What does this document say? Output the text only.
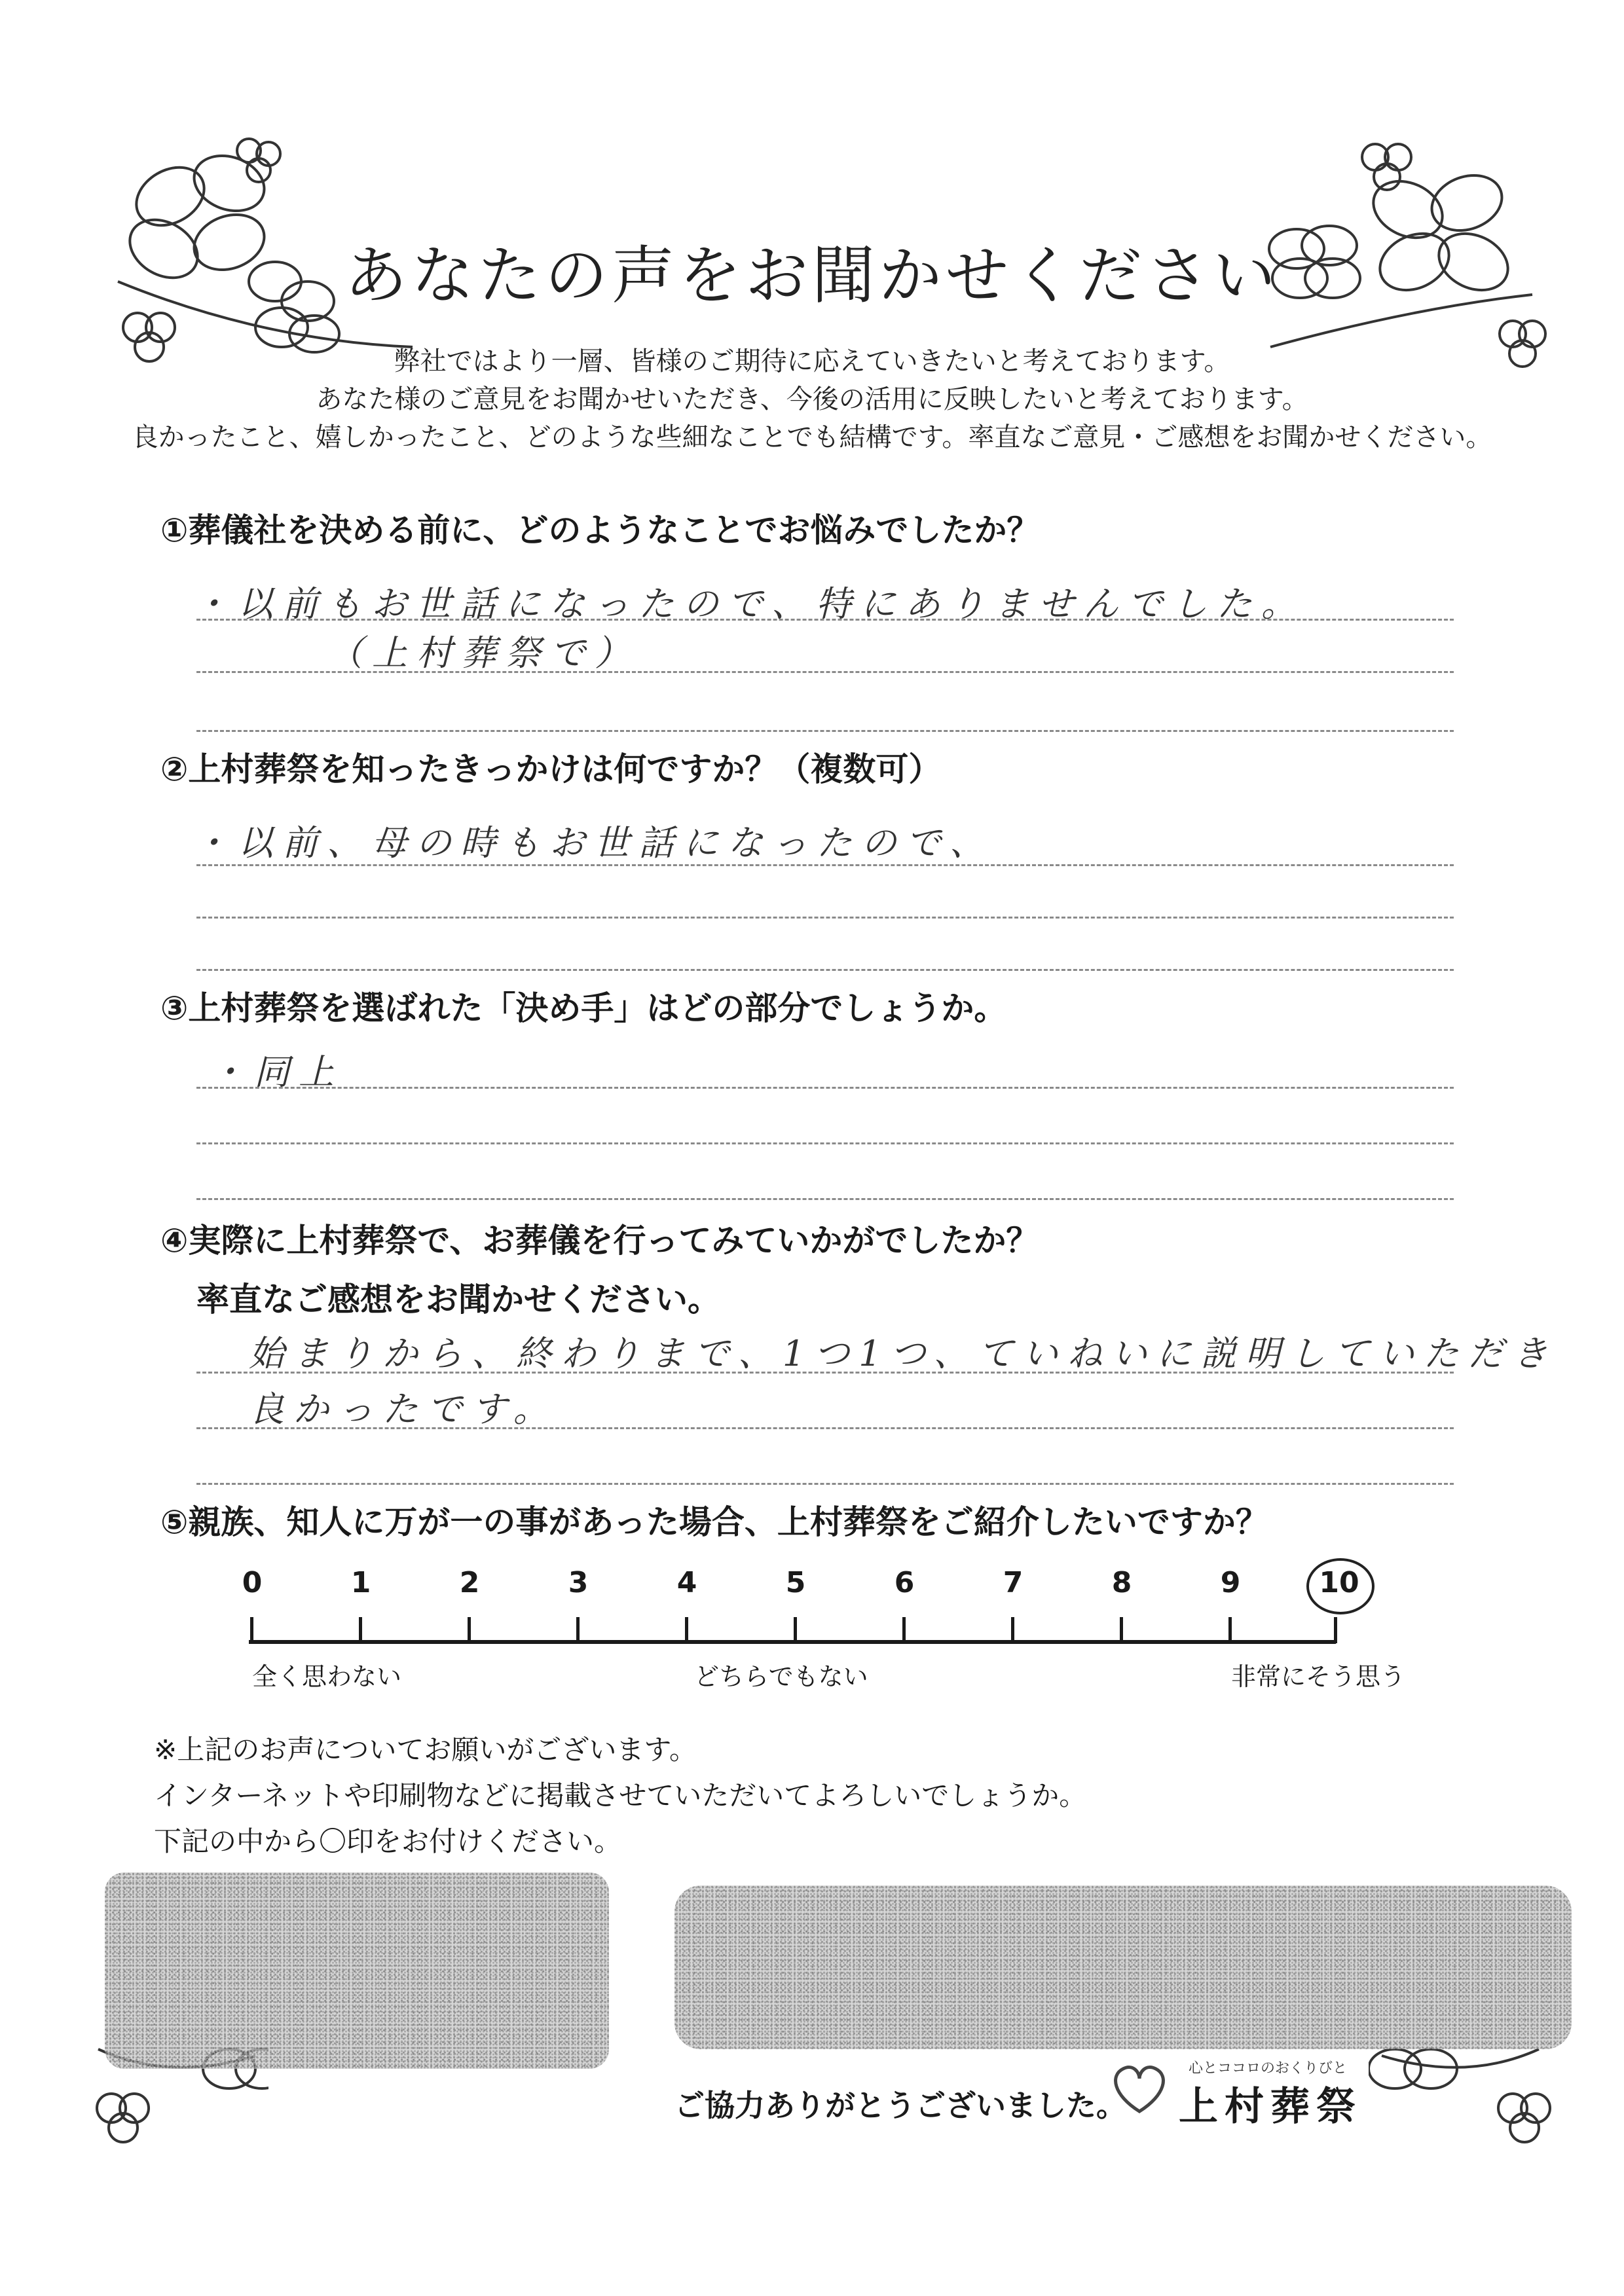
あなたの声をお聞かせください
弊社ではより一層、皆様のご期待に応えていきたいと考えております。
あなた様のご意見をお聞かせいただき、今後の活用に反映したいと考えております。
良かったこと、嬉しかったこと、どのような些細なことでも結構です。率直なご意見・ご感想をお聞かせください。
①葬儀社を決める前に、どのようなことでお悩みでしたか？
・以前もお世話になったので、特にありませんでした。
（上村葬祭で）
②上村葬祭を知ったきっかけは何ですか？（複数可）
・以前、母の時もお世話になったので、
③上村葬祭を選ばれた「決め手」はどの部分でしょうか。
・同上
④実際に上村葬祭で、お葬儀を行ってみていかがでしたか？
率直なご感想をお聞かせください。
始まりから、終わりまで、1つ1つ、ていねいに説明していただき
良かったです。
⑤親族、知人に万が一の事があった場合、上村葬祭をご紹介したいですか？
0	1	2	3	4	5	6	7	8	9	10
全く思わない	どちらでもない	非常にそう思う
※上記のお声についてお願いがございます。
インターネットや印刷物などに掲載させていただいてよろしいでしょうか。
下記の中から〇印をお付けください。
ご協力ありがとうございました。
心とココロのおくりびと
上村葬祭
